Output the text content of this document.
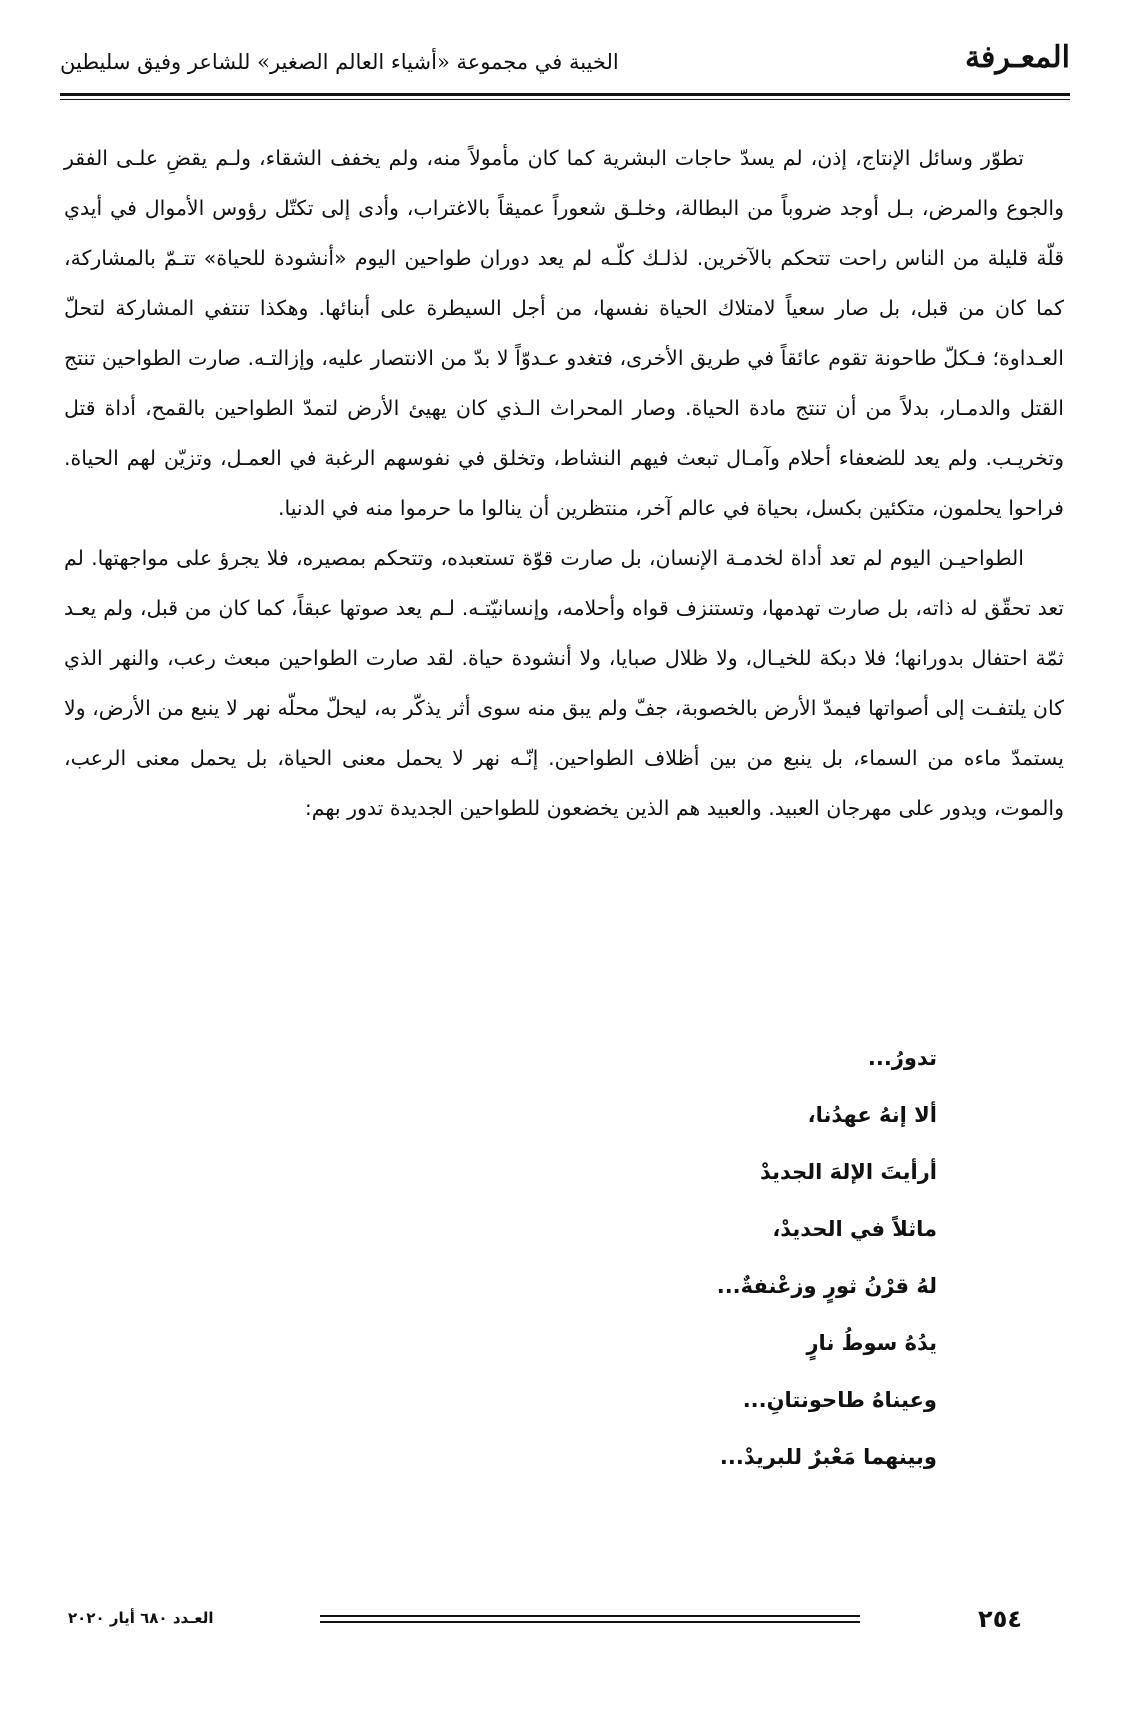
الخيبة في مجموعة «أشياء العالم الصغير» للشاعر وفيق سليطين	المعـرفة

تطوّر وسائل الإنتاج، إذن، لم يسدّ حاجات البشرية كما كان مأمولاً منه، ولم يخفف الشقاء، ولـم يقضِ علـى الفقر والجوع والمرض، بـل أوجد ضروباً من البطالة، وخلـق شعوراً عميقاً بالاغتراب، وأدى إلى تكتّل رؤوس الأموال في أيدي قلّة قليلة من الناس راحت تتحكم بالآخرين. لذلـك كلّـه لم يعد دوران طواحين اليوم «أنشودة للحياة» تتـمّ بالمشاركة، كما كان من قبل، بل صار سعياً لامتلاك الحياة نفسها، من أجل السيطرة على أبنائها. وهكذا تنتفي المشاركة لتحلّ العـداوة؛ فـكلّ طاحونة تقوم عائقاً في طريق الأخرى، فتغدو عـدوّاً لا بدّ من الانتصار عليه، وإزالتـه. صارت الطواحين تنتج القتل والدمـار، بدلاً من أن تنتج مادة الحياة. وصار المحراث الـذي كان يهيئ الأرض لتمدّ الطواحين بالقمح، أداة قتل وتخريـب. ولم يعد للضعفاء أحلام وآمـال تبعث فيهم النشاط، وتخلق في نفوسهم الرغبة في العمـل، وتزيّن لهم الحياة. فراحوا يحلمون، متكئين بكسل، بحياة في عالم آخر، منتظرين أن ينالوا ما حرموا منه في الدنيا.

الطواحيـن اليوم لم تعد أداة لخدمـة الإنسان، بل صارت قوّة تستعبده، وتتحكم بمصيره، فلا يجرؤ على مواجهتها. لم تعد تحقّق له ذاته، بل صارت تهدمها، وتستنزف قواه وأحلامه، وإنسانيّتـه. لـم يعد صوتها عبقاً، كما كان من قبل، ولم يعـد ثمّة احتفال بدورانها؛ فلا دبكة للخيـال، ولا ظلال صبايا، ولا أنشودة حياة. لقد صارت الطواحين مبعث رعب، والنهر الذي كان يلتفـت إلى أصواتها فيمدّ الأرض بالخصوبة، جفّ ولم يبق منه سوى أثر يذكّر به، ليحلّ محلّه نهر لا ينبع من الأرض، ولا يستمدّ ماءه من السماء، بل ينبع من بين أظلاف الطواحين. إنّـه نهر لا يحمل معنى الحياة، بل يحمل معنى الرعب، والموت، ويدور على مهرجان العبيد. والعبيد هم الذين يخضعون للطواحين الجديدة تدور بهم:

تدورُ...
ألا إنهُ عهدُنا،
أرأيتَ الإلهَ الجديدْ
ماثلاً في الحديدْ،
لهُ قرْنُ ثورٍ وزعْنفةٌ...
يدُهُ سوطُ نارٍ
وعيناهُ طاحونتانِ...
وبينهما مَعْبرٌ للبريدْ...
٢٥٤
العـدد ٦٨٠ أيار ٢٠٢٠
